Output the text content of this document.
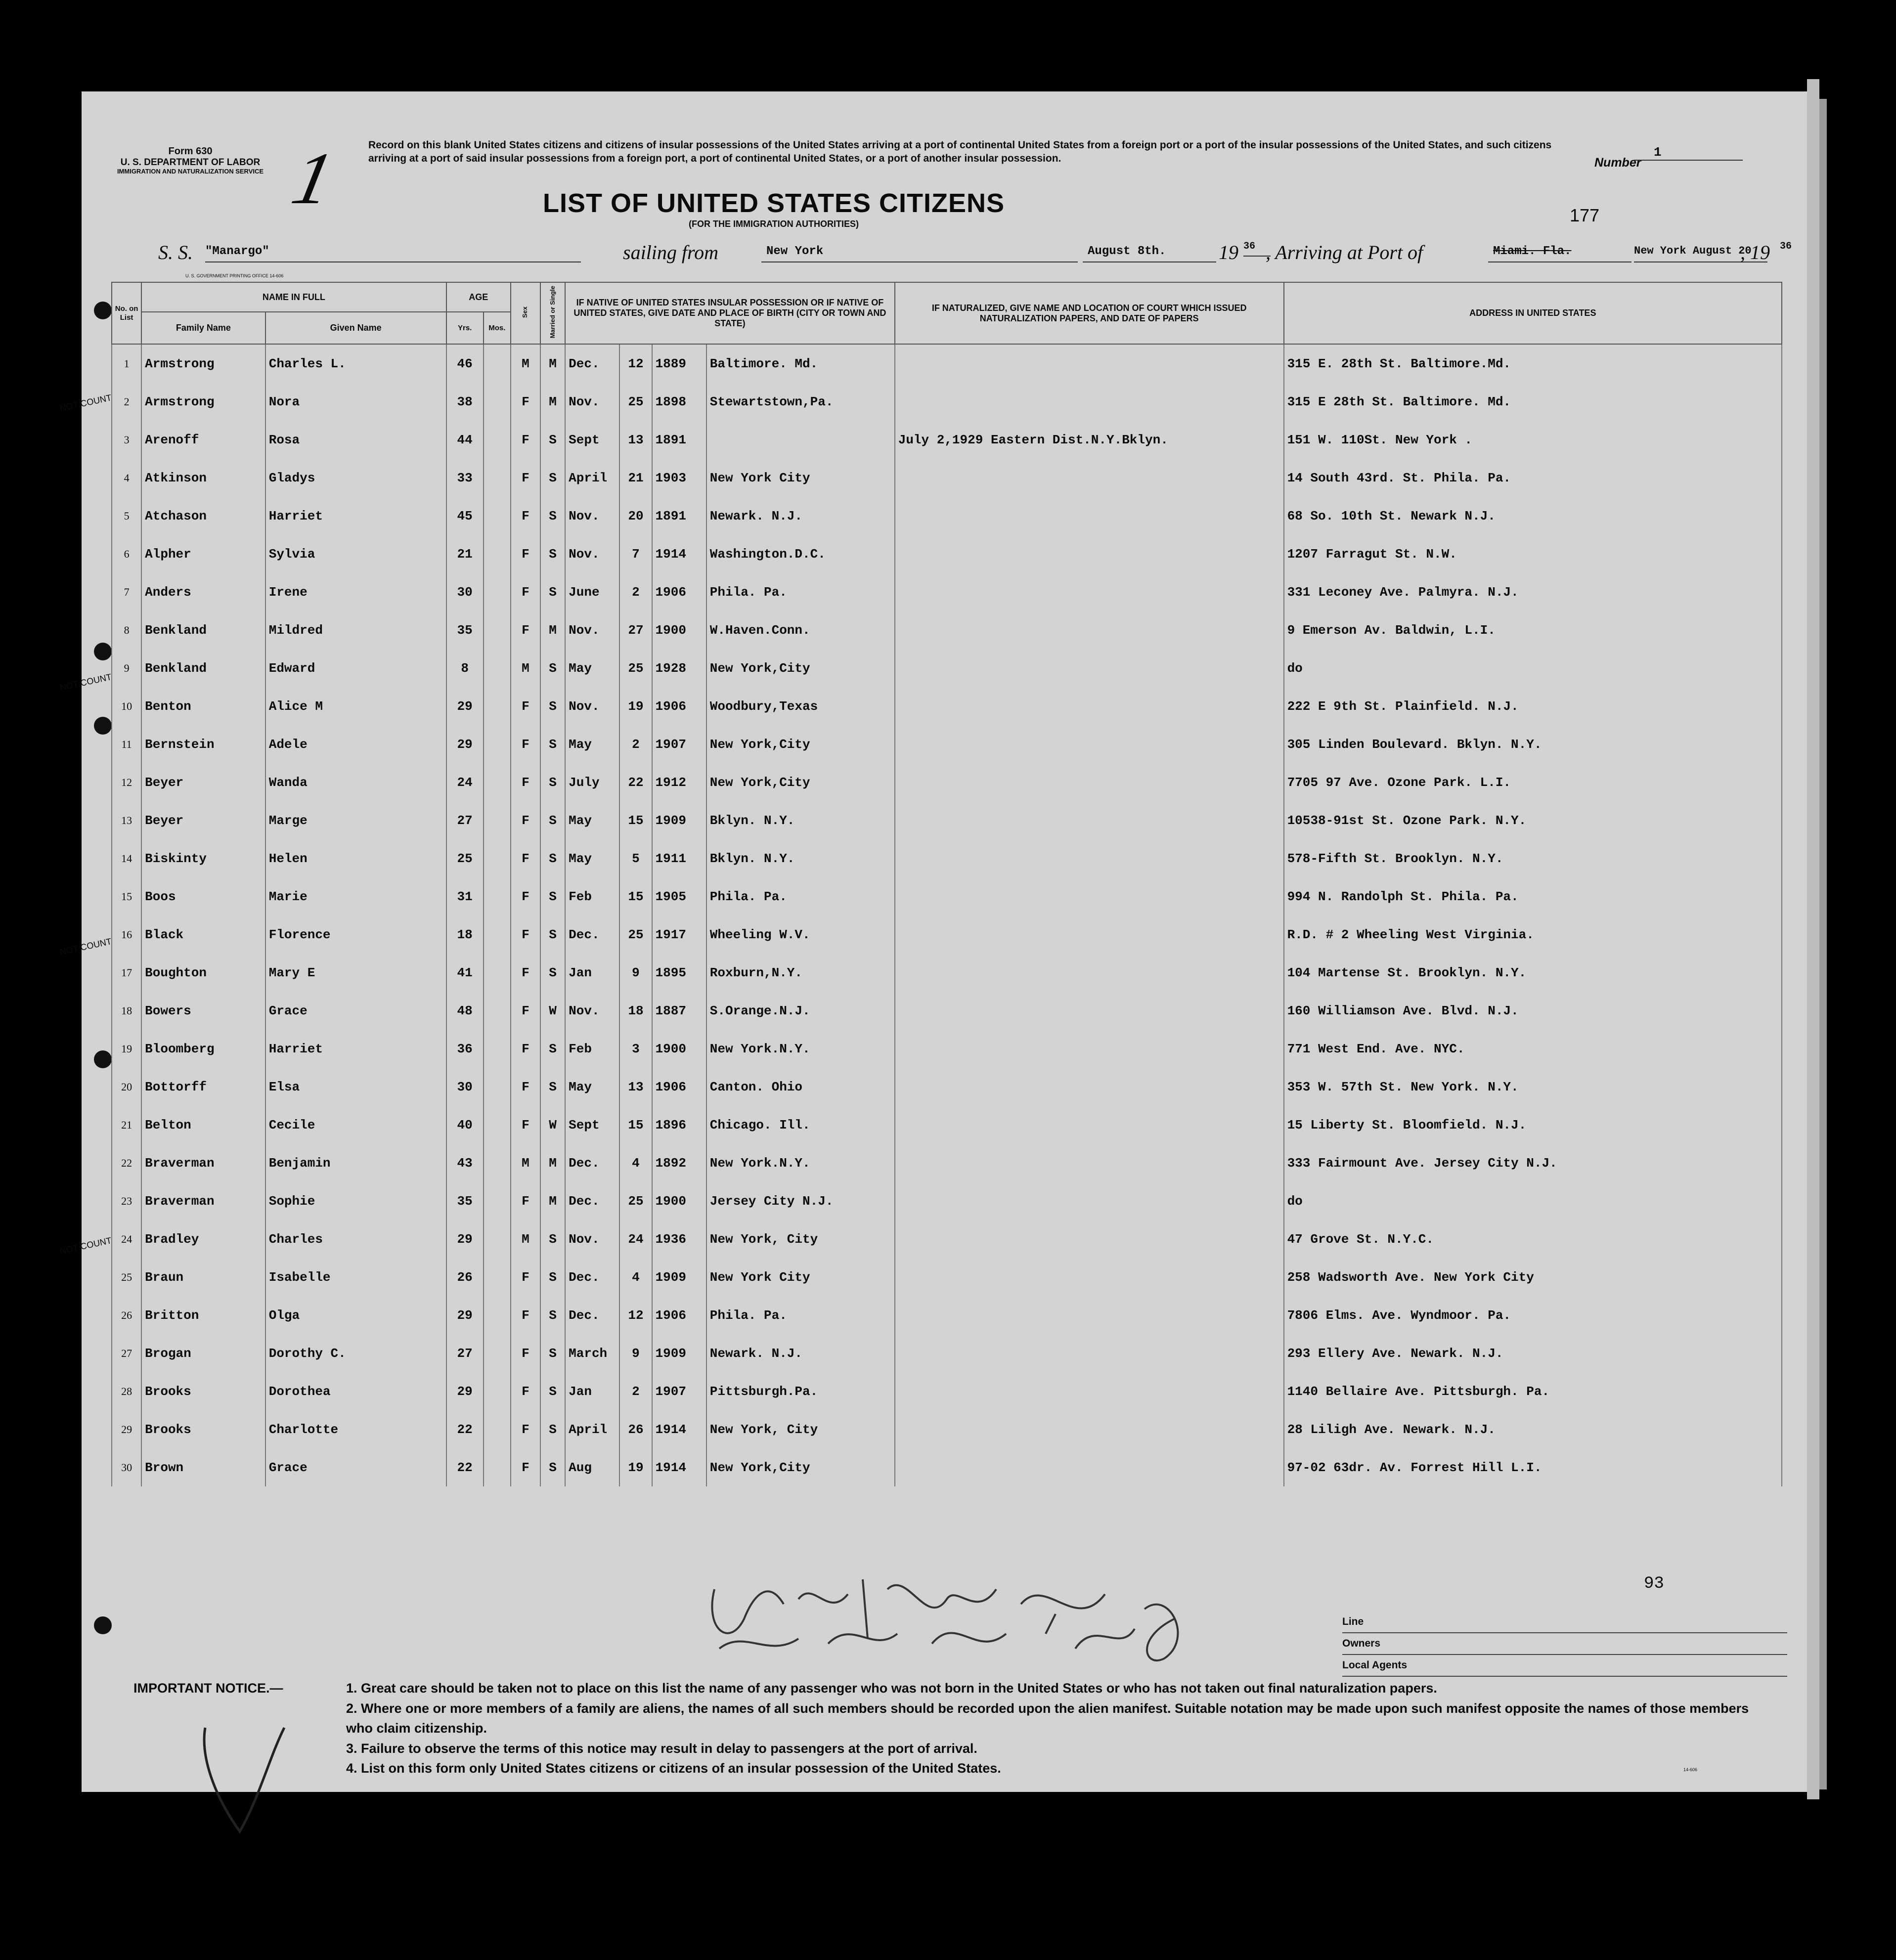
Form 630
U. S. DEPARTMENT OF LABOR
IMMIGRATION AND NATURALIZATION SERVICE 1	Record on this blank United States citizens and citizens of insular possessions of the United States arriving at a port of continental United States from a foreign port or a port of the insular possessions of the United States, and such citizens arriving at a port of said insular possessions from a foreign port, a port of continental United States, or a port of another insular possession.	Number
1
177
LIST OF UNITED STATES CITIZENS
(FOR THE IMMIGRATION AUTHORITIES)
S. S. "Manargo"	sailing from	New York	August 8th.	19 36 , Arriving at Port of	Miami. Fla.	New York August 20
, 19 36
U. S. GOVERNMENT PRINTING OFFICE 14-606
No. on List	NAME IN FULL		AGE		Sex	Married or Single	IF NATIVE OF UNITED STATES INSULAR POSSESSION OR IF NATIVE OF UNITED STATES, GIVE DATE AND PLACE OF BIRTH (CITY OR TOWN AND STATE)				IF NATURALIZED, GIVE NAME AND LOCATION OF COURT WHICH ISSUED NATURALIZATION PAPERS, AND DATE OF PAPERS	ADDRESS IN UNITED STATES
	Family Name	Given Name	Yrs.	Mos.								
1	Armstrong	Charles L.	46		M	M	Dec.	12	1889	Baltimore. Md.		315 E. 28th St. Baltimore.Md.
2	Armstrong	Nora	38		F	M	Nov.	25	1898	Stewartstown,Pa.		315 E 28th St. Baltimore. Md.
3	Arenoff	Rosa	44		F	S	Sept	13	1891		July 2,1929 Eastern Dist.N.Y.Bklyn.	151 W. 110St. New York .
4	Atkinson	Gladys	33		F	S	April	21	1903	New York City		14 South 43rd. St. Phila. Pa.
5	Atchason	Harriet	45		F	S	Nov.	20	1891	Newark. N.J.		68 So. 10th St. Newark N.J.
6	Alpher	Sylvia	21		F	S	Nov.	7	1914	Washington.D.C.		1207 Farragut St. N.W.
7	Anders	Irene	30		F	S	June	2	1906	Phila. Pa.		331 Leconey Ave. Palmyra. N.J.
8	Benkland	Mildred	35		F	M	Nov.	27	1900	W.Haven.Conn.		9 Emerson Av. Baldwin, L.I.
9	Benkland	Edward	8		M	S	May	25	1928	New York,City		do
10	Benton	Alice M	29		F	S	Nov.	19	1906	Woodbury,Texas		222 E 9th St. Plainfield. N.J.
11	Bernstein	Adele	29		F	S	May	2	1907	New York,City		305 Linden Boulevard. Bklyn. N.Y.
12	Beyer	Wanda	24		F	S	July	22	1912	New York,City		7705 97 Ave. Ozone Park. L.I.
13	Beyer	Marge	27		F	S	May	15	1909	Bklyn. N.Y.		10538-91st St. Ozone Park. N.Y.
14	Biskinty	Helen	25		F	S	May	5	1911	Bklyn. N.Y.		578-Fifth St. Brooklyn. N.Y.
15	Boos	Marie	31		F	S	Feb	15	1905	Phila. Pa.		994 N. Randolph St. Phila. Pa.
16	Black	Florence	18		F	S	Dec.	25	1917	Wheeling W.V.		R.D. # 2 Wheeling West Virginia.
17	Boughton	Mary E	41		F	S	Jan	9	1895	Roxburn,N.Y.		104 Martense St. Brooklyn. N.Y.
18	Bowers	Grace	48		F	W	Nov.	18	1887	S.Orange.N.J.		160 Williamson Ave. Blvd. N.J.
19	Bloomberg	Harriet	36		F	S	Feb	3	1900	New York.N.Y.		771 West End. Ave. NYC.
20	Bottorff	Elsa	30		F	S	May	13	1906	Canton. Ohio		353 W. 57th St. New York. N.Y.
21	Belton	Cecile	40		F	W	Sept	15	1896	Chicago. Ill.		15 Liberty St. Bloomfield. N.J.
22	Braverman	Benjamin	43		M	M	Dec.	4	1892	New York.N.Y.		333 Fairmount Ave. Jersey City N.J.
23	Braverman	Sophie	35		F	M	Dec.	25	1900	Jersey City N.J.		do
24	Bradley	Charles	29		M	S	Nov.	24	1936	New York, City		47 Grove St. N.Y.C.
25	Braun	Isabelle	26		F	S	Dec.	4	1909	New York City		258 Wadsworth Ave. New York City
26	Britton	Olga	29		F	S	Dec.	12	1906	Phila. Pa.		7806 Elms. Ave. Wyndmoor. Pa.
27	Brogan	Dorothy C.	27		F	S	March	9	1909	Newark. N.J.		293 Ellery Ave. Newark. N.J.
28	Brooks	Dorothea	29		F	S	Jan	2	1907	Pittsburgh.Pa.		1140 Bellaire Ave. Pittsburgh. Pa.
29	Brooks	Charlotte	22		F	S	April	26	1914	New York, City		28 Liligh Ave. Newark. N.J.
30	Brown	Grace	22		F	S	Aug	19	1914	New York,City		97-02 63dr. Av. Forrest Hill L.I.
NOT COUNT
NOT COUNT
NOT COUNT
NOT COUNT
93
Line
Owners
Local Agents
IMPORTANT NOTICE.—	1. Great care should be taken not to place on this list the name of any passenger who was not born in the United States or who has not taken out final naturalization papers.
2. Where one or more members of a family are aliens, the names of all such members should be recorded upon the alien manifest. Suitable notation may be made upon such manifest opposite the names of those members who claim citizenship.
3. Failure to observe the terms of this notice may result in delay to passengers at the port of arrival.
4. List on this form only United States citizens or citizens of an insular possession of the United States.	14-606
